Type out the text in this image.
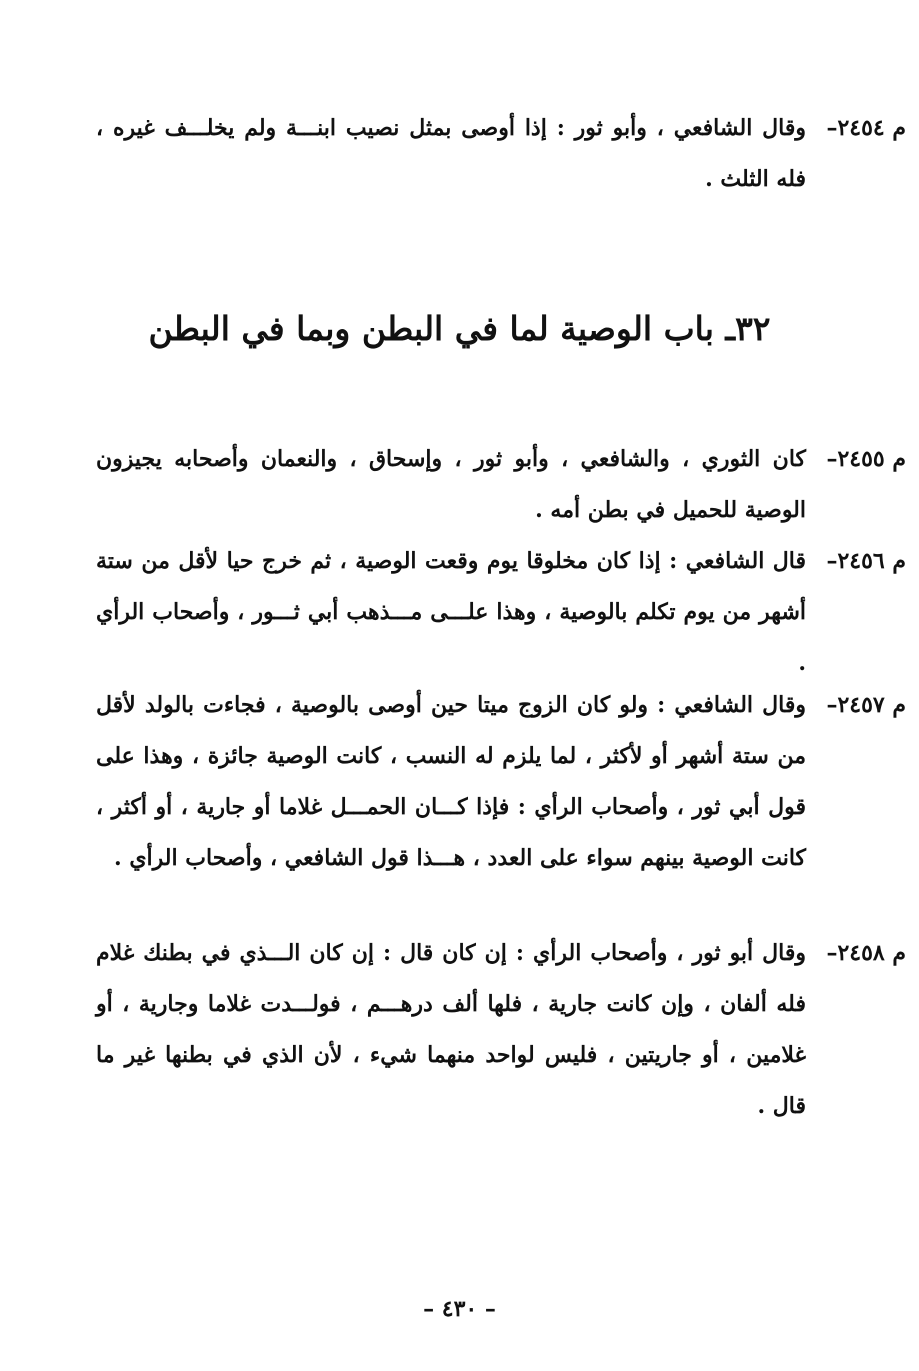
م ٢٤٥٤–
وقال الشافعي ، وأبو ثور : إذا أوصى بمثل نصيب ابنـــة ولم يخلـــف غيره ، فله الثلث .
٣٢ـ باب الوصية لما في البطن وبما في البطن
م ٢٤٥٥–
كان الثوري ، والشافعي ، وأبو ثور ، وإسحاق ، والنعمان وأصحابه يجيزون الوصية للحميل في بطن أمه .
م ٢٤٥٦–
قال الشافعي : إذا كان مخلوقا يوم وقعت الوصية ، ثم خرج حيا لأقل من ستة أشهر من يوم تكلم بالوصية ، وهذا علـــى مـــذهب أبي ثـــور ، وأصحاب الرأي .
م ٢٤٥٧–
وقال الشافعي : ولو كان الزوج ميتا حين أوصى بالوصية ، فجاءت بالولد لأقل من ستة أشهر أو لأكثر ، لما يلزم له النسب ، كانت الوصية جائزة ، وهذا على قول أبي ثور ، وأصحاب الرأي : فإذا كـــان الحمـــل غلاما أو جارية ، أو أكثر ، كانت الوصية بينهم سواء على العدد ، هـــذا قول الشافعي ، وأصحاب الرأي .
م ٢٤٥٨–
وقال أبو ثور ، وأصحاب الرأي : إن كان قال : إن كان الـــذي في بطنك غلام فله ألفان ، وإن كانت جارية ، فلها ألف درهـــم ، فولـــدت غلاما وجارية ، أو غلامين ، أو جاريتين ، فليس لواحد منهما شيء ، لأن الذي في بطنها غير ما قال .
– ٤٣٠ –
